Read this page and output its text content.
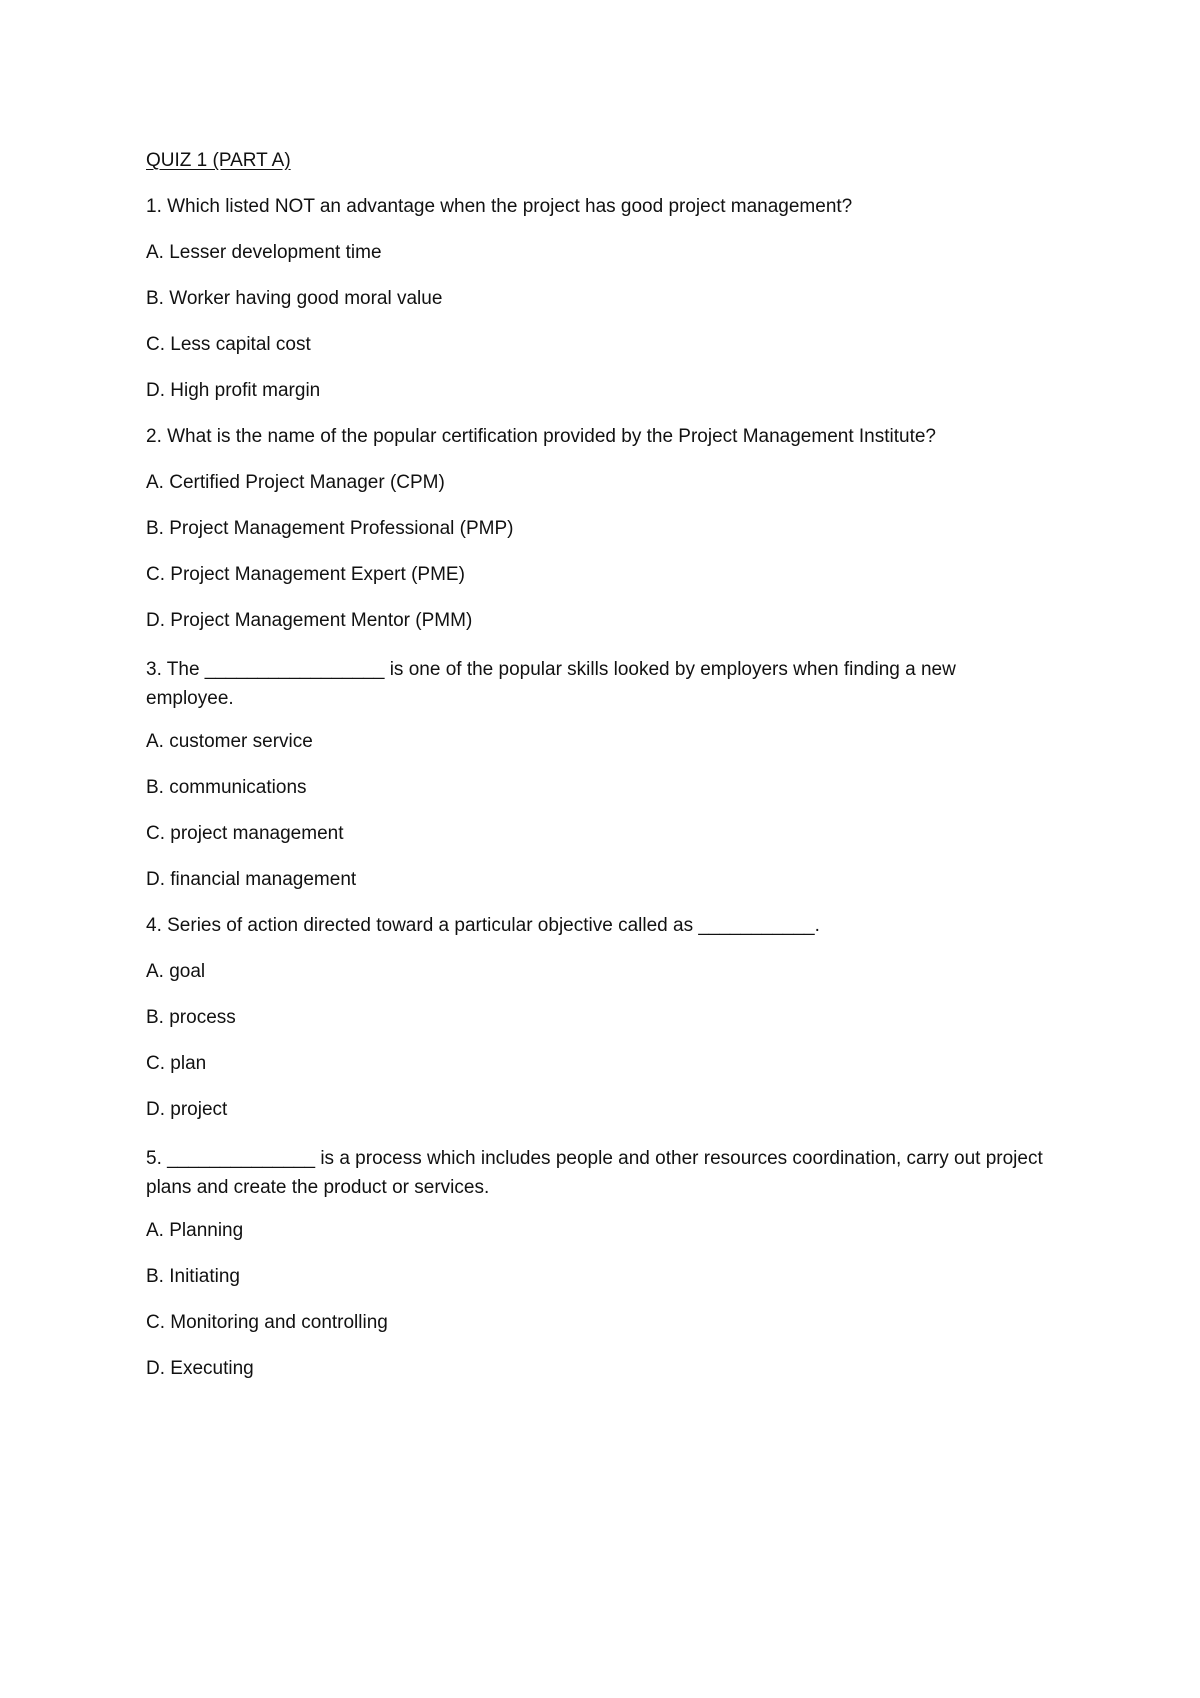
QUIZ 1 (PART A)
1. Which listed NOT an advantage when the project has good project management?
A. Lesser development time
B. Worker having good moral value
C. Less capital cost
D. High profit margin
2. What is the name of the popular certification provided by the Project Management Institute?
A. Certified Project Manager (CPM)
B. Project Management Professional (PMP)
C. Project Management Expert (PME)
D. Project Management Mentor (PMM)
3. The _________________ is one of the popular skills looked by employers when finding a new employee.
A. customer service
B. communications
C. project management
D. financial management
4. Series of action directed toward a particular objective called as ___________.
A. goal
B. process
C. plan
D. project
5. ______________ is a process which includes people and other resources coordination, carry out project plans and create the product or services.
A. Planning
B. Initiating
C. Monitoring and controlling
D. Executing
